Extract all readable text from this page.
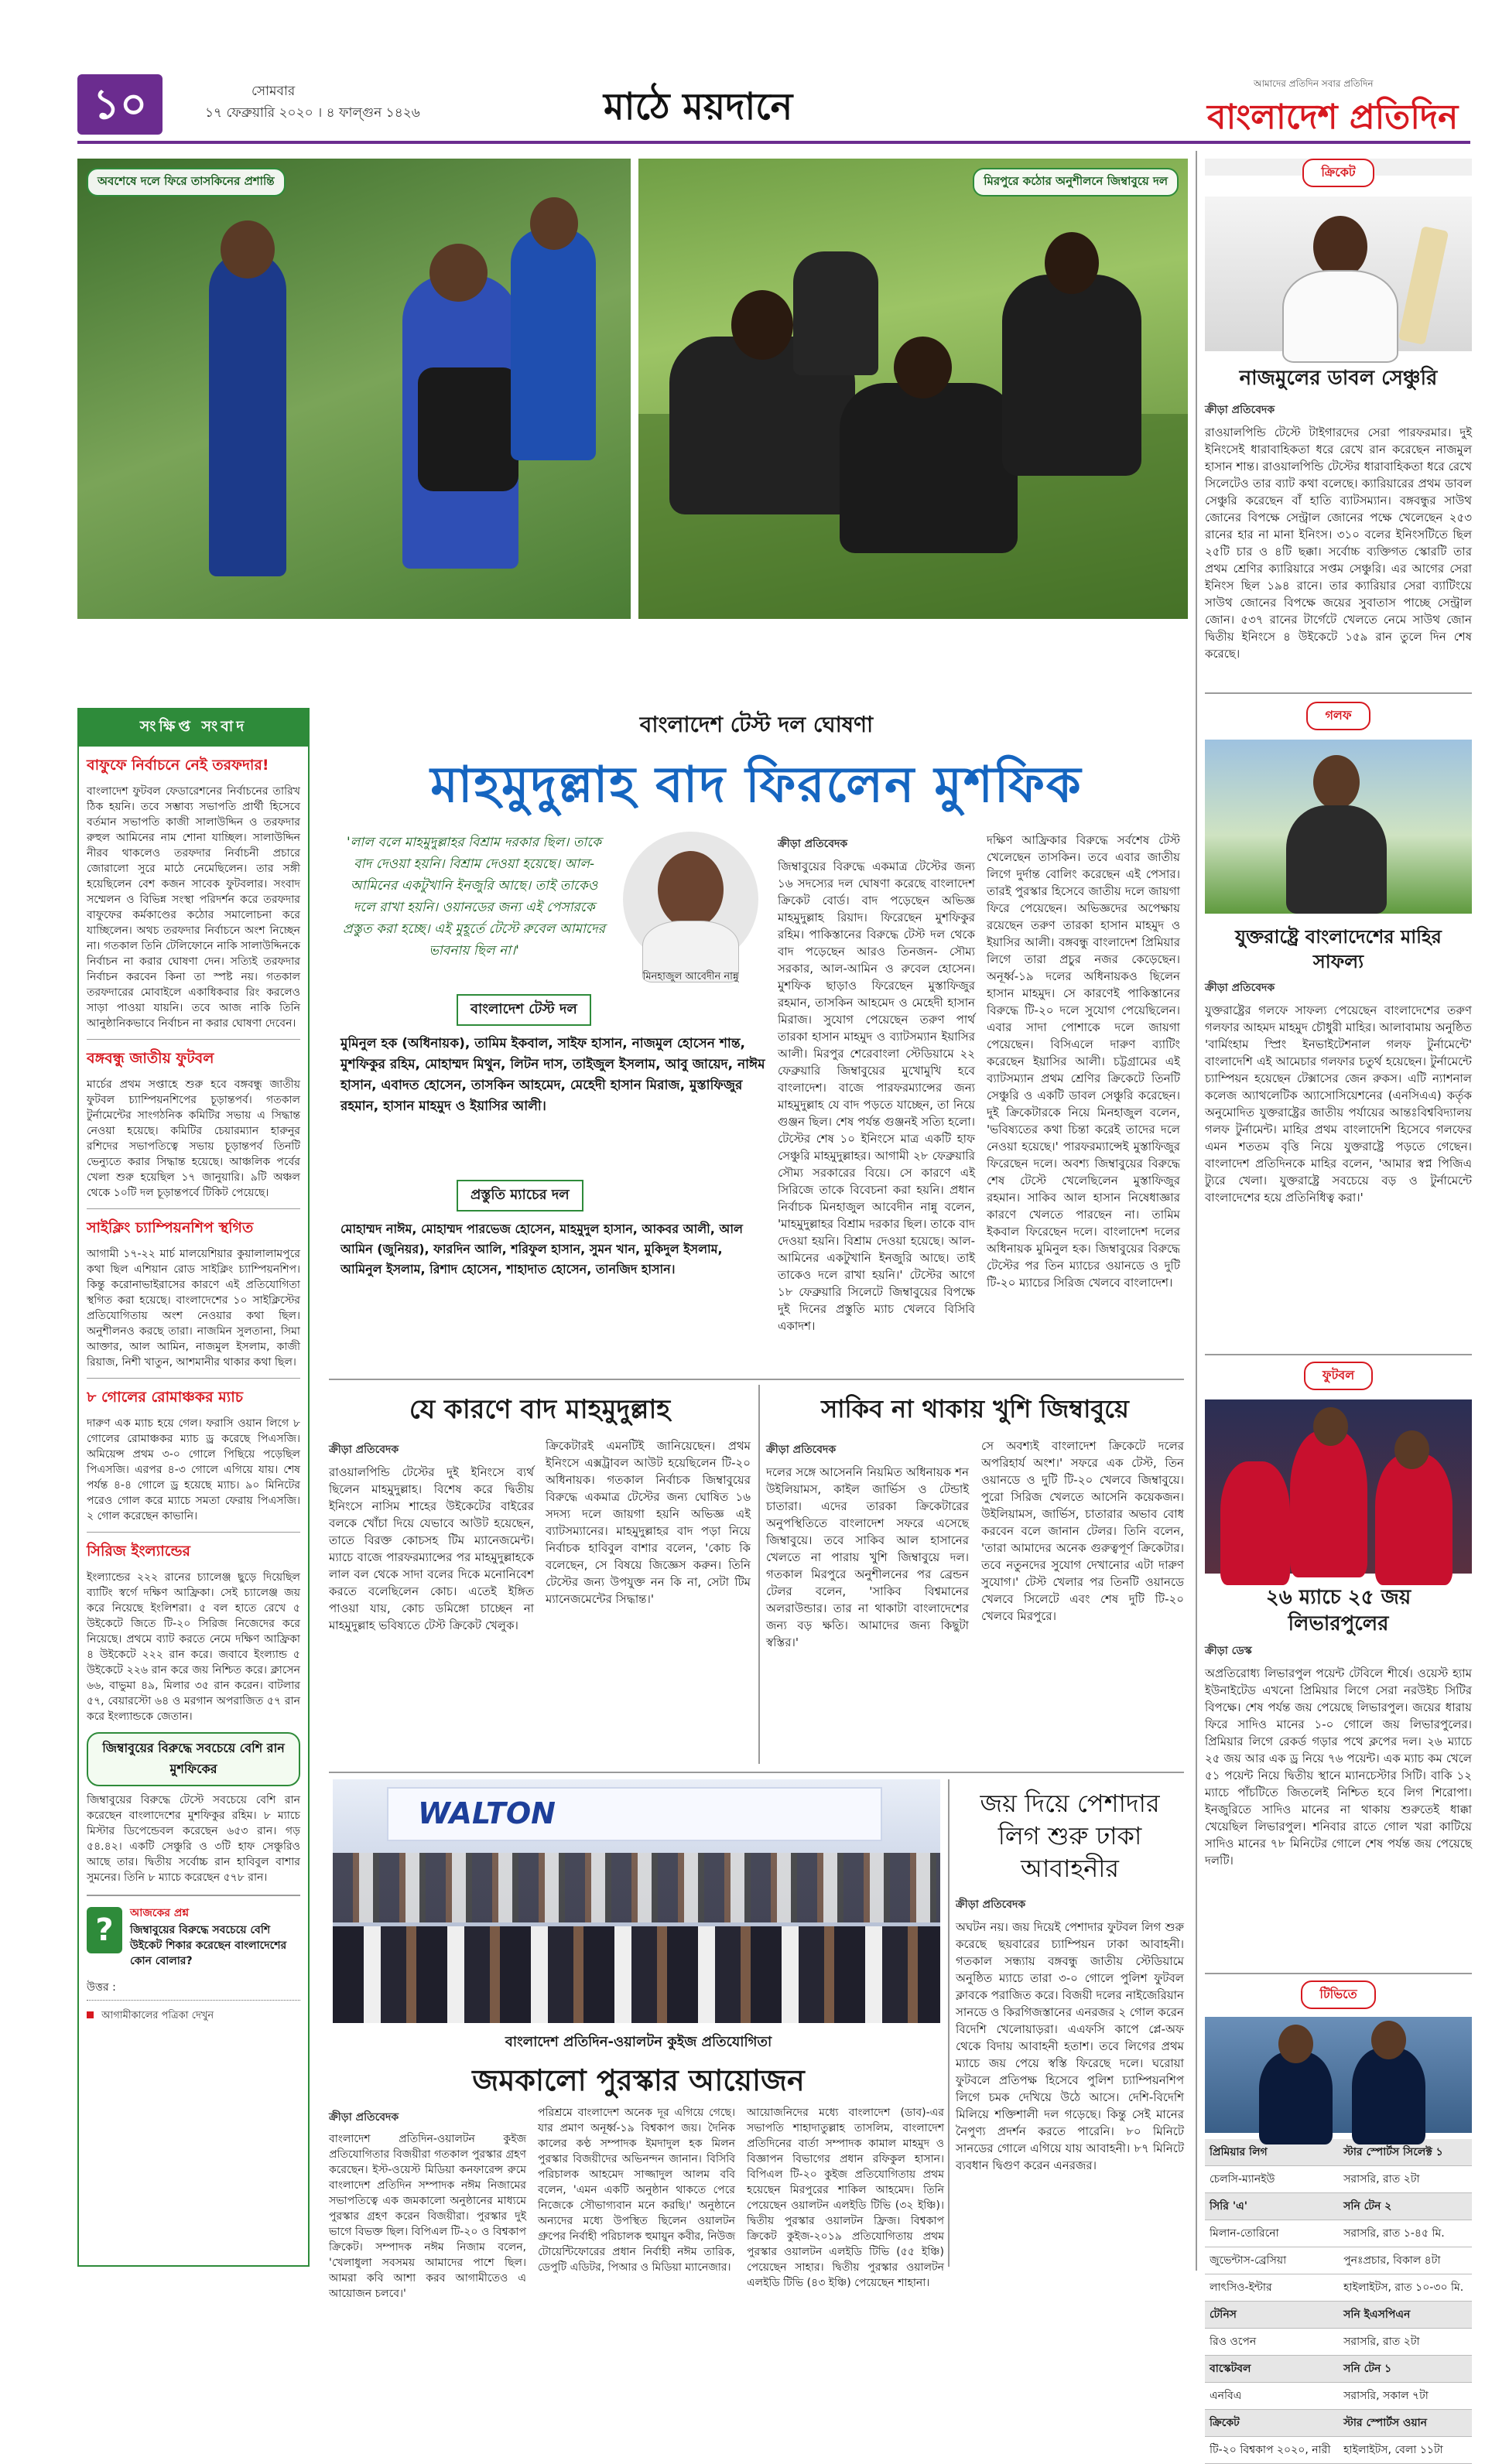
১০	সোমবার
১৭ ফেব্রুয়ারি ২০২০ । ৪ ফাল্গুন ১৪২৬	মাঠে ময়দানে
আমাদের প্রতিদিন সবার প্রতিদিন
বাংলাদেশ প্রতিদিন
অবশেষে দলে ফিরে তাসকিনের প্রশান্তি	মিরপুরে কঠোর অনুশীলনে জিম্বাবুয়ে দল
ক্রিকেট
নাজমুলের ডাবল সেঞ্চুরি
ক্রীড়া প্রতিবেদক
রাওয়ালপিন্ডি টেস্টে টাইগারদের সেরা পারফরমার। দুই ইনিংসেই ধারাবাহিকতা ধরে রেখে রান করেছেন নাজমুল হাসান শান্ত। রাওয়ালপিন্ডি টেস্টের ধারাবাহিকতা ধরে রেখে সিলেটেও তার ব্যাট কথা বলেছে। ক্যারিয়ারের প্রথম ডাবল সেঞ্চুরি করেছেন বাঁ হাতি ব্যাটসম্যান। বঙ্গবন্ধুর সাউথ জোনের বিপক্ষে সেন্ট্রাল জোনের পক্ষে খেলেছেন ২৫৩ রানের হার না মানা ইনিংস। ৩১০ বলের ইনিংসটিতে ছিল ২৫টি চার ও ৪টি ছক্কা। সর্বোচ্চ ব্যক্তিগত স্কোরটি তার প্রথম শ্রেণির ক্যারিয়ারে সপ্তম সেঞ্চুরি। এর আগের সেরা ইনিংস ছিল ১৯৪ রানে। তার ক্যারিয়ার সেরা ব্যাটিংয়ে সাউথ জোনের বিপক্ষে জয়ের সুবাতাস পাচ্ছে সেন্ট্রাল জোন। ৫৩৭ রানের টার্গেটে খেলতে নেমে সাউথ জোন দ্বিতীয় ইনিংসে ৪ উইকেটে ১৫৯ রান তুলে দিন শেষ করেছে।
গলফ
যুক্তরাষ্ট্রে বাংলাদেশের মাহির সাফল্য
ক্রীড়া প্রতিবেদক
যুক্তরাষ্ট্রের গলফে সাফল্য পেয়েছেন বাংলাদেশের তরুণ গলফার আহমদ মাহমুদ চৌধুরী মাহির। আলাবামায় অনুষ্ঠিত 'বার্মিংহাম স্প্রিং ইনভাইটেশনাল গলফ টুর্নামেন্টে' বাংলাদেশি এই আমেচার গলফার চতুর্থ হয়েছেন। টুর্নামেন্টে চ্যাম্পিয়ন হয়েছেন টেক্সাসের জেন রুকস। এটি ন্যাশনাল কলেজ অ্যাথলেটিক অ্যাসোসিয়েশনের (এনসিএএ) কর্তৃক অনুমোদিত যুক্তরাষ্ট্রের জাতীয় পর্যায়ের আন্তঃবিশ্ববিদ্যালয় গলফ টুর্নামেন্ট। মাহির প্রথম বাংলাদেশি হিসেবে গলফের এমন শততম বৃত্তি নিয়ে যুক্তরাষ্ট্রে পড়তে গেছেন। বাংলাদেশ প্রতিদিনকে মাহির বলেন, 'আমার স্বপ্ন পিজিএ ট্যুরে খেলা। যুক্তরাষ্ট্রে সবচেয়ে বড় ও টুর্নামেন্টে বাংলাদেশের হয়ে প্রতিনিধিত্ব করা।'
ফুটবল
২৬ ম্যাচে ২৫ জয় লিভারপুলের
ক্রীড়া ডেস্ক
অপ্রতিরোধ্য লিভারপুল পয়েন্ট টেবিলে শীর্ষে। ওয়েস্ট হ্যাম ইউনাইটেড এখনো প্রিমিয়ার লিগে সেরা নরউইচ সিটির বিপক্ষে। শেষ পর্যন্ত জয় পেয়েছে লিভারপুল। জয়ের ধারায় ফিরে সাদিও মানের ১-০ গোলে জয় লিভারপুলের। প্রিমিয়ার লিগে রেকর্ড গড়ার পথে ক্লপের দল। ২৬ ম্যাচে ২৫ জয় আর এক ড্র নিয়ে ৭৬ পয়েন্ট। এক ম্যাচ কম খেলে ৫১ পয়েন্ট নিয়ে দ্বিতীয় স্থানে ম্যানচেস্টার সিটি। বাকি ১২ ম্যাচে পাঁচটিতে জিতলেই নিশ্চিত হবে লিগ শিরোপা। ইনজুরিতে সাদিও মানের না থাকায় শুরুতেই ধাক্কা খেয়েছিল লিভারপুল। শনিবার রাতে গোল খরা কাটিয়ে সাদিও মানের ৭৮ মিনিটের গোলে শেষ পর্যন্ত জয় পেয়েছে দলটি।
টিভিতে
প্রিমিয়ার লিগ	স্টার স্পোর্টস সিলেক্ট ১
চেলসি-ম্যানইউ	সরাসরি, রাত ২টা
সিরি 'এ'	সনি টেন ২
মিলান-তোরিনো	সরাসরি, রাত ১-৪৫ মি.
জুভেন্টাস-ব্রেসিয়া	পুনঃপ্রচার, বিকাল ৪টা
লাৎসিও-ইন্টার	হাইলাইটস, রাত ১০-৩০ মি.
টেনিস	সনি ইএসপিএন
রিও ওপেন	সরাসরি, রাত ২টা
বাস্কেটবল	সনি টেন ১
এনবিএ	সরাসরি, সকাল ৭টা
ক্রিকেট	স্টার স্পোর্টস ওয়ান
টি-২০ বিশ্বকাপ ২০২০, নারী	হাইলাইটস, বেলা ১১টা
সংক্ষিপ্ত সংবাদ
বাফুফে নির্বাচনে নেই তরফদার!
বাংলাদেশ ফুটবল ফেডারেশনের নির্বাচনের তারিখ ঠিক হয়নি। তবে সম্ভাব্য সভাপতি প্রার্থী হিসেবে বর্তমান সভাপতি কাজী সালাউদ্দিন ও তরফদার রুহুল আমিনের নাম শোনা যাচ্ছিল। সালাউদ্দিন নীরব থাকলেও তরফদার নির্বাচনী প্রচারে জোরালো সুরে মাঠে নেমেছিলেন। তার সঙ্গী হয়েছিলেন বেশ কজন সাবেক ফুটবলার। সংবাদ সম্মেলন ও বিভিন্ন সংস্থা পরিদর্শন করে তরফদার বাফুফের কর্মকাণ্ডের কঠোর সমালোচনা করে যাচ্ছিলেন। অথচ তরফদার নির্বাচনে অংশ নিচ্ছেন না। গতকাল তিনি টেলিফোনে নাকি সালাউদ্দিনকে নির্বাচন না করার ঘোষণা দেন। সত্যিই তরফদার নির্বাচন করবেন কিনা তা স্পষ্ট নয়। গতকাল তরফদারের মোবাইলে একাধিকবার রিং করলেও সাড়া পাওয়া যায়নি। তবে আজ নাকি তিনি আনুষ্ঠানিকভাবে নির্বাচন না করার ঘোষণা দেবেন।
বঙ্গবন্ধু জাতীয় ফুটবল
মার্চের প্রথম সপ্তাহে শুরু হবে বঙ্গবন্ধু জাতীয় ফুটবল চ্যাম্পিয়নশিপের চূড়ান্তপর্ব। গতকাল টুর্নামেন্টের সাংগঠনিক কমিটির সভায় এ সিদ্ধান্ত নেওয়া হয়েছে। কমিটির চেয়ারম্যান হারুনুর রশিদের সভাপতিত্বে সভায় চূড়ান্তপর্ব তিনটি ভেন্যুতে করার সিদ্ধান্ত হয়েছে। আঞ্চলিক পর্বের খেলা শুরু হয়েছিল ১৭ জানুয়ারি। ৯টি অঞ্চল থেকে ১০টি দল চূড়ান্তপর্বে টিকিট পেয়েছে।
সাইক্লিং চ্যাম্পিয়নশিপ স্থগিত
আগামী ১৭-২২ মার্চ মালয়েশিয়ার কুয়ালালামপুরে কথা ছিল এশিয়ান রোড সাইক্লিং চ্যাম্পিয়নশিপ। কিন্তু করোনাভাইরাসের কারণে এই প্রতিযোগিতা স্থগিত করা হয়েছে। বাংলাদেশের ১০ সাইক্লিস্টের প্রতিযোগিতায় অংশ নেওয়ার কথা ছিল। অনুশীলনও করছে তারা। নাজমিন সুলতানা, সিমা আক্তার, আল আমিন, নাজমুল ইসলাম, কাজী রিয়াজ, নিশী খাতুন, আশমানীর থাকার কথা ছিল।
৮ গোলের রোমাঞ্চকর ম্যাচ
দারুণ এক ম্যাচ হয়ে গেল। ফরাসি ওয়ান লিগে ৮ গোলের রোমাঞ্চকর ম্যাচ ড্র করেছে পিএসজি। অমিয়েন্স প্রথম ৩-০ গোলে পিছিয়ে পড়েছিল পিএসজি। এরপর ৪-৩ গোলে এগিয়ে যায়। শেষ পর্যন্ত ৪-৪ গোলে ড্র হয়েছে ম্যাচ। ৯০ মিনিটের পরেও গোল করে ম্যাচে সমতা ফেরায় পিএসজি। ২ গোল করেছেন কাভানি।
সিরিজ ইংল্যান্ডের
ইংল্যান্ডের ২২২ রানের চ্যালেঞ্জ ছুড়ে দিয়েছিল ব্যাটিং স্বর্গে দক্ষিণ আফ্রিকা। সেই চ্যালেঞ্জ জয় করে নিয়েছে ইংলিশরা। ৫ বল হাতে রেখে ৫ উইকেটে জিতে টি-২০ সিরিজ নিজেদের করে নিয়েছে। প্রথমে ব্যাট করতে নেমে দক্ষিণ আফ্রিকা ৪ উইকেটে ২২২ রান করে। জবাবে ইংল্যান্ড ৫ উইকেটে ২২৬ রান করে জয় নিশ্চিত করে। ক্লাসেন ৬৬, বাভুমা ৪৯, মিলার ৩৫ রান করেন। বাটলার ৫৭, বেয়ারস্টো ৬৪ ও মরগান অপরাজিত ৫৭ রান করে ইংল্যান্ডকে জেতান।
জিম্বাবুয়ের বিরুদ্ধে সবচেয়ে বেশি রান মুশফিকের
জিম্বাবুয়ের বিরুদ্ধে টেস্টে সবচেয়ে বেশি রান করেছেন বাংলাদেশের মুশফিকুর রহিম। ৮ ম্যাচে মিস্টার ডিপেন্ডেবল করেছেন ৬৫৩ রান। গড় ৫৪.৪২। একটি সেঞ্চুরি ও ৩টি হাফ সেঞ্চুরিও আছে তার। দ্বিতীয় সর্বোচ্চ রান হাবিবুল বাশার সুমনের। তিনি ৮ ম্যাচে করেছেন ৫৭৮ রান।
?	আজকের প্রশ্ন
জিম্বাবুয়ের বিরুদ্ধে সবচেয়ে বেশি উইকেট শিকার করেছেন বাংলাদেশের কোন বোলার?
উত্তর :
আগামীকালের পত্রিকা দেখুন
বাংলাদেশ টেস্ট দল ঘোষণা
মাহমুদুল্লাহ বাদ ফিরলেন মুশফিক
'লাল বলে মাহমুদুল্লাহর বিশ্রাম দরকার ছিল। তাকে বাদ দেওয়া হয়নি। বিশ্রাম দেওয়া হয়েছে। আল-আমিনের একটুখানি ইনজুরি আছে। তাই তাকেও দলে রাখা হয়নি। ওয়ানডের জন্য এই পেসারকে প্রস্তুত করা হচ্ছে। এই মুহূর্তে টেস্টে রুবেল আমাদের ভাবনায় ছিল না।'
মিনহাজুল আবেদীন নান্নু
বাংলাদেশ টেস্ট দল
মুমিনুল হক (অধিনায়ক), তামিম ইকবাল, সাইফ হাসান, নাজমুল হোসেন শান্ত, মুশফিকুর রহিম, মোহাম্মদ মিথুন, লিটন দাস, তাইজুল ইসলাম, আবু জায়েদ, নাঈম হাসান, এবাদত হোসেন, তাসকিন আহমেদ, মেহেদী হাসান মিরাজ, মুস্তাফিজুর রহমান, হাসান মাহমুদ ও ইয়াসির আলী।
প্রস্তুতি ম্যাচের দল
মোহাম্মদ নাঈম, মোহাম্মদ পারভেজ হোসেন, মাহমুদুল হাসান, আকবর আলী, আল আমিন (জুনিয়র), ফারদিন আলি, শরিফুল হাসান, সুমন খান, মুকিদুল ইসলাম, আমিনুল ইসলাম, রিশাদ হোসেন, শাহাদাত হোসেন, তানজিদ হাসান।
ক্রীড়া প্রতিবেদক
জিম্বাবুয়ের বিরুদ্ধে একমাত্র টেস্টের জন্য ১৬ সদস্যের দল ঘোষণা করেছে বাংলাদেশ ক্রিকেট বোর্ড। বাদ পড়েছেন অভিজ্ঞ মাহমুদুল্লাহ রিয়াদ। ফিরেছেন মুশফিকুর রহিম। পাকিস্তানের বিরুদ্ধে টেস্ট দল থেকে বাদ পড়েছেন আরও তিনজন- সৌম্য সরকার, আল-আমিন ও রুবেল হোসেন। মুশফিক ছাড়াও ফিরেছেন মুস্তাফিজুর রহমান, তাসকিন আহমেদ ও মেহেদী হাসান মিরাজ। সুযোগ পেয়েছেন তরুণ পার্থ তারকা হাসান মাহমুদ ও ব্যাটসম্যান ইয়াসির আলী। মিরপুর শেরেবাংলা স্টেডিয়ামে ২২ ফেব্রুয়ারি জিম্বাবুয়ের মুখোমুখি হবে বাংলাদেশ। বাজে পারফরম্যান্সের জন্য মাহমুদুল্লাহ যে বাদ পড়তে যাচ্ছেন, তা নিয়ে গুঞ্জন ছিল। শেষ পর্যন্ত গুঞ্জনই সত্যি হলো। টেস্টের শেষ ১০ ইনিংসে মাত্র একটি হাফ সেঞ্চুরি মাহমুদুল্লাহর। আগামী ২৮ ফেব্রুয়ারি সৌম্য সরকারের বিয়ে। সে কারণে এই সিরিজে তাকে বিবেচনা করা হয়নি। প্রধান নির্বাচক মিনহাজুল আবেদীন নান্নু বলেন, 'মাহমুদুল্লাহর বিশ্রাম দরকার ছিল। তাকে বাদ দেওয়া হয়নি। বিশ্রাম দেওয়া হয়েছে। আল-আমিনের একটুখানি ইনজুরি আছে। তাই তাকেও দলে রাখা হয়নি।' টেস্টের আগে ১৮ ফেব্রুয়ারি সিলেটে জিম্বাবুয়ের বিপক্ষে দুই দিনের প্রস্তুতি ম্যাচ খেলবে বিসিবি একাদশ।
দক্ষিণ আফ্রিকার বিরুদ্ধে সর্বশেষ টেস্ট খেলেছেন তাসকিন। তবে এবার জাতীয় লিগে দুর্দান্ত বোলিং করেছেন এই পেসার। তারই পুরস্কার হিসেবে জাতীয় দলে জায়গা ফিরে পেয়েছেন। অভিজ্ঞদের অপেক্ষায় রয়েছেন তরুণ তারকা হাসান মাহমুদ ও ইয়াসির আলী। বঙ্গবন্ধু বাংলাদেশ প্রিমিয়ার লিগে তারা প্রচুর নজর কেড়েছেন। অনূর্ধ্ব-১৯ দলের অধিনায়কও ছিলেন হাসান মাহমুদ। সে কারণেই পাকিস্তানের বিরুদ্ধে টি-২০ দলে সুযোগ পেয়েছিলেন। এবার সাদা পোশাকে দলে জায়গা পেয়েছেন। বিসিএলে দারুণ ব্যাটিং করেছেন ইয়াসির আলী। চট্টগ্রামের এই ব্যাটসম্যান প্রথম শ্রেণির ক্রিকেটে তিনটি সেঞ্চুরি ও একটি ডাবল সেঞ্চুরি করেছেন। দুই ক্রিকেটারকে নিয়ে মিনহাজুল বলেন, 'ভবিষ্যতের কথা চিন্তা করেই তাদের দলে নেওয়া হয়েছে।' পারফরম্যান্সেই মুস্তাফিজুর ফিরেছেন দলে। অবশ্য জিম্বাবুয়ের বিরুদ্ধে শেষ টেস্টে খেলেছিলেন মুস্তাফিজুর রহমান। সাকিব আল হাসান নিষেধাজ্ঞার কারণে খেলতে পারছেন না। তামিম ইকবাল ফিরেছেন দলে। বাংলাদেশ দলের অধিনায়ক মুমিনুল হক। জিম্বাবুয়ের বিরুদ্ধে টেস্টের পর তিন ম্যাচের ওয়ানডে ও দুটি টি-২০ ম্যাচের সিরিজ খেলবে বাংলাদেশ।
যে কারণে বাদ মাহমুদুল্লাহ
ক্রীড়া প্রতিবেদক
রাওয়ালপিন্ডি টেস্টের দুই ইনিংসে ব্যর্থ ছিলেন মাহমুদুল্লাহ। বিশেষ করে দ্বিতীয় ইনিংসে নাসিম শাহের উইকেটের বাইরের বলকে খোঁচা দিয়ে যেভাবে আউট হয়েছেন, তাতে বিরক্ত কোচসহ টিম ম্যানেজমেন্ট। ম্যাচে বাজে পারফরম্যান্সের পর মাহমুদুল্লাহকে লাল বল থেকে সাদা বলের দিকে মনোনিবেশ করতে বলেছিলেন কোচ। এতেই ইঙ্গিত পাওয়া যায়, কোচ ডমিঙ্গো চাচ্ছেন না মাহমুদুল্লাহ ভবিষ্যতে টেস্ট ক্রিকেট খেলুক।
ক্রিকেটারই এমনটিই জানিয়েছেন। প্রথম ইনিংসে এক্সট্রাবল আউট হয়েছিলেন টি-২০ অধিনায়ক। গতকাল নির্বাচক জিম্বাবুয়ের বিরুদ্ধে একমাত্র টেস্টের জন্য ঘোষিত ১৬ সদস্য দলে জায়গা হয়নি অভিজ্ঞ এই ব্যাটসম্যানের। মাহমুদুল্লাহর বাদ পড়া নিয়ে নির্বাচক হাবিবুল বাশার বলেন, 'কোচ কি বলেছেন, সে বিষয়ে জিজ্ঞেস করুন। তিনি টেস্টের জন্য উপযুক্ত নন কি না, সেটা টিম ম্যানেজমেন্টের সিদ্ধান্ত।'
সাকিব না থাকায় খুশি জিম্বাবুয়ে
ক্রীড়া প্রতিবেদক
দলের সঙ্গে আসেননি নিয়মিত অধিনায়ক শন উইলিয়ামস, কাইল জার্ভিস ও টেন্ডাই চাতারা। এদের তারকা ক্রিকেটারের অনুপস্থিতিতে বাংলাদেশ সফরে এসেছে জিম্বাবুয়ে। তবে সাকিব আল হাসানের খেলতে না পারায় খুশি জিম্বাবুয়ে দল। গতকাল মিরপুরে অনুশীলনের পর ব্রেন্ডন টেলর বলেন, 'সাকিব বিশ্বমানের অলরাউন্ডার। তার না থাকাটা বাংলাদেশের জন্য বড় ক্ষতি। আমাদের জন্য কিছুটা স্বস্তির।'
সে অবশ্যই বাংলাদেশ ক্রিকেটে দলের অপরিহার্য অংশ।' সফরে এক টেস্ট, তিন ওয়ানডে ও দুটি টি-২০ খেলবে জিম্বাবুয়ে। পুরো সিরিজ খেলতে আসেনি কয়েকজন। উইলিয়ামস, জার্ভিস, চাতারার অভাব বোধ করবেন বলে জানান টেলর। তিনি বলেন, 'তারা আমাদের অনেক গুরুত্বপূর্ণ ক্রিকেটার। তবে নতুনদের সুযোগ দেখানোর এটা দারুণ সুযোগ।' টেস্ট খেলার পর তিনটি ওয়ানডে খেলবে সিলেটে এবং শেষ দুটি টি-২০ খেলবে মিরপুরে।
WALTON
বাংলাদেশ প্রতিদিন-ওয়ালটন কুইজ প্রতিযোগিতা
জমকালো পুরস্কার আয়োজন
ক্রীড়া প্রতিবেদক
বাংলাদেশ প্রতিদিন-ওয়ালটন কুইজ প্রতিযোগিতার বিজয়ীরা গতকাল পুরস্কার গ্রহণ করেছেন। ইস্ট-ওয়েস্ট মিডিয়া কনফারেন্স রুমে বাংলাদেশ প্রতিদিন সম্পাদক নঈম নিজামের সভাপতিত্বে এক জমকালো অনুষ্ঠানের মাধ্যমে পুরস্কার গ্রহণ করেন বিজয়ীরা। পুরস্কার দুই ভাগে বিভক্ত ছিল। বিপিএল টি-২০ ও বিশ্বকাপ ক্রিকেট। সম্পাদক নঈম নিজাম বলেন, 'খেলাধুলা সবসময় আমাদের পাশে ছিল। আমরা কবি আশা করব আগামীতেও এ আয়োজন চলবে।'
পরিশ্রমে বাংলাদেশ অনেক দূর এগিয়ে গেছে। যার প্রমাণ অনূর্ধ্ব-১৯ বিশ্বকাপ জয়। দৈনিক কালের কণ্ঠ সম্পাদক ইমদাদুল হক মিলন পুরস্কার বিজয়ীদের অভিনন্দন জানান। বিসিবি পরিচালক আহমেদ সাজ্জাদুল আলম ববি বলেন, 'এমন একটি অনুষ্ঠান থাকতে পেরে নিজেকে সৌভাগ্যবান মনে করছি।' অনুষ্ঠানে অন্যদের মধ্যে উপস্থিত ছিলেন ওয়ালটন গ্রুপের নির্বাহী পরিচালক হুমায়ুন কবীর, নিউজ টোয়েন্টিফোরের প্রধান নির্বাহী নঈম তারিক, ডেপুটি এডিটর, পিআর ও মিডিয়া ম্যানেজার।
আয়োজনিদের মধ্যে বাংলাদেশ (ডাব)-এর সভাপতি শাহাদাতুল্লাহ তাসলিম, বাংলাদেশ প্রতিদিনের বার্তা সম্পাদক কামাল মাহমুদ ও বিজ্ঞাপন বিভাগের প্রধান রফিকুল হাসান। বিপিএল টি-২০ কুইজ প্রতিযোগিতায় প্রথম হয়েছেন মিরপুরের শাকিল আহমেদ। তিনি পেয়েছেন ওয়ালটন এলইডি টিভি (৩২ ইঞ্চি)। দ্বিতীয় পুরস্কার ওয়ালটন ফ্রিজ। বিশ্বকাপ ক্রিকেট কুইজ-২০১৯ প্রতিযোগিতায় প্রথম পুরস্কার ওয়ালটন এলইডি টিভি (৫৫ ইঞ্চি) পেয়েছেন সাহার। দ্বিতীয় পুরস্কার ওয়ালটন এলইডি টিভি (৪৩ ইঞ্চি) পেয়েছেন শাহানা।
জয় দিয়ে পেশাদার লিগ শুরু ঢাকা আবাহনীর
ক্রীড়া প্রতিবেদক
অঘটন নয়। জয় দিয়েই পেশাদার ফুটবল লিগ শুরু করেছে ছয়বারের চ্যাম্পিয়ন ঢাকা আবাহনী। গতকাল সন্ধ্যায় বঙ্গবন্ধু জাতীয় স্টেডিয়ামে অনুষ্ঠিত ম্যাচে তারা ৩-০ গোলে পুলিশ ফুটবল ক্লাবকে পরাজিত করে। বিজয়ী দলের নাইজেরিয়ান সানডে ও কিরগিজস্তানের এনরজর ২ গোল করেন বিদেশি খেলোয়াড়রা। এএফসি কাপে প্লে-অফ থেকে বিদায় আবাহনী হতাশ। তবে লিগের প্রথম ম্যাচে জয় পেয়ে স্বস্তি ফিরেছে দলে। ঘরোয়া ফুটবলে প্রতিপক্ষ হিসেবে পুলিশ চ্যাম্পিয়নশিপ লিগে চমক দেখিয়ে উঠে আসে। দেশি-বিদেশি মিলিয়ে শক্তিশালী দল গড়েছে। কিন্তু সেই মানের নৈপুণ্য প্রদর্শন করতে পারেনি। ৮০ মিনিটে সানডের গোলে এগিয়ে যায় আবাহনী। ৮৭ মিনিটে ব্যবধান দ্বিগুণ করেন এনরজর।
